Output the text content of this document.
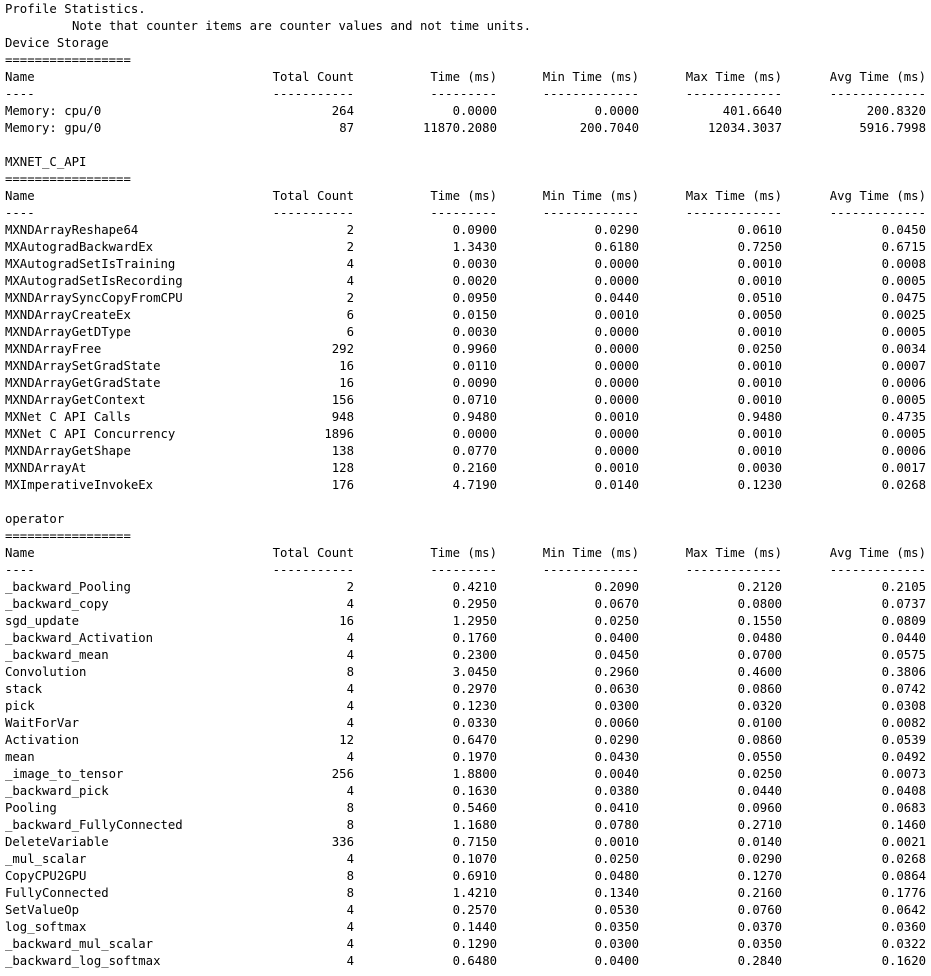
Profile Statistics.
Note that counter items are counter values and not time units.
Device Storage
=================
Name	Total Count	Time (ms)	Min Time (ms)	Max Time (ms)	Avg Time (ms)
----	-----------	---------	-------------	-------------	-------------
Memory: cpu/0	264	0.0000	0.0000	401.6640	200.8320
Memory: gpu/0	87	11870.2080	200.7040	12034.3037	5916.7998
MXNET_C_API
=================
Name	Total Count	Time (ms)	Min Time (ms)	Max Time (ms)	Avg Time (ms)
----	-----------	---------	-------------	-------------	-------------
MXNDArrayReshape64	2	0.0900	0.0290	0.0610	0.0450
MXAutogradBackwardEx	2	1.3430	0.6180	0.7250	0.6715
MXAutogradSetIsTraining	4	0.0030	0.0000	0.0010	0.0008
MXAutogradSetIsRecording	4	0.0020	0.0000	0.0010	0.0005
MXNDArraySyncCopyFromCPU	2	0.0950	0.0440	0.0510	0.0475
MXNDArrayCreateEx	6	0.0150	0.0010	0.0050	0.0025
MXNDArrayGetDType	6	0.0030	0.0000	0.0010	0.0005
MXNDArrayFree	292	0.9960	0.0000	0.0250	0.0034
MXNDArraySetGradState	16	0.0110	0.0000	0.0010	0.0007
MXNDArrayGetGradState	16	0.0090	0.0000	0.0010	0.0006
MXNDArrayGetContext	156	0.0710	0.0000	0.0010	0.0005
MXNet C API Calls	948	0.9480	0.0010	0.9480	0.4735
MXNet C API Concurrency	1896	0.0000	0.0000	0.0010	0.0005
MXNDArrayGetShape	138	0.0770	0.0000	0.0010	0.0006
MXNDArrayAt	128	0.2160	0.0010	0.0030	0.0017
MXImperativeInvokeEx	176	4.7190	0.0140	0.1230	0.0268
operator
=================
Name	Total Count	Time (ms)	Min Time (ms)	Max Time (ms)	Avg Time (ms)
----	-----------	---------	-------------	-------------	-------------
_backward_Pooling	2	0.4210	0.2090	0.2120	0.2105
_backward_copy	4	0.2950	0.0670	0.0800	0.0737
sgd_update	16	1.2950	0.0250	0.1550	0.0809
_backward_Activation	4	0.1760	0.0400	0.0480	0.0440
_backward_mean	4	0.2300	0.0450	0.0700	0.0575
Convolution	8	3.0450	0.2960	0.4600	0.3806
stack	4	0.2970	0.0630	0.0860	0.0742
pick	4	0.1230	0.0300	0.0320	0.0308
WaitForVar	4	0.0330	0.0060	0.0100	0.0082
Activation	12	0.6470	0.0290	0.0860	0.0539
mean	4	0.1970	0.0430	0.0550	0.0492
_image_to_tensor	256	1.8800	0.0040	0.0250	0.0073
_backward_pick	4	0.1630	0.0380	0.0440	0.0408
Pooling	8	0.5460	0.0410	0.0960	0.0683
_backward_FullyConnected	8	1.1680	0.0780	0.2710	0.1460
DeleteVariable	336	0.7150	0.0010	0.0140	0.0021
_mul_scalar	4	0.1070	0.0250	0.0290	0.0268
CopyCPU2GPU	8	0.6910	0.0480	0.1270	0.0864
FullyConnected	8	1.4210	0.1340	0.2160	0.1776
SetValueOp	4	0.2570	0.0530	0.0760	0.0642
log_softmax	4	0.1440	0.0350	0.0370	0.0360
_backward_mul_scalar	4	0.1290	0.0300	0.0350	0.0322
_backward_log_softmax	4	0.6480	0.0400	0.2840	0.1620
